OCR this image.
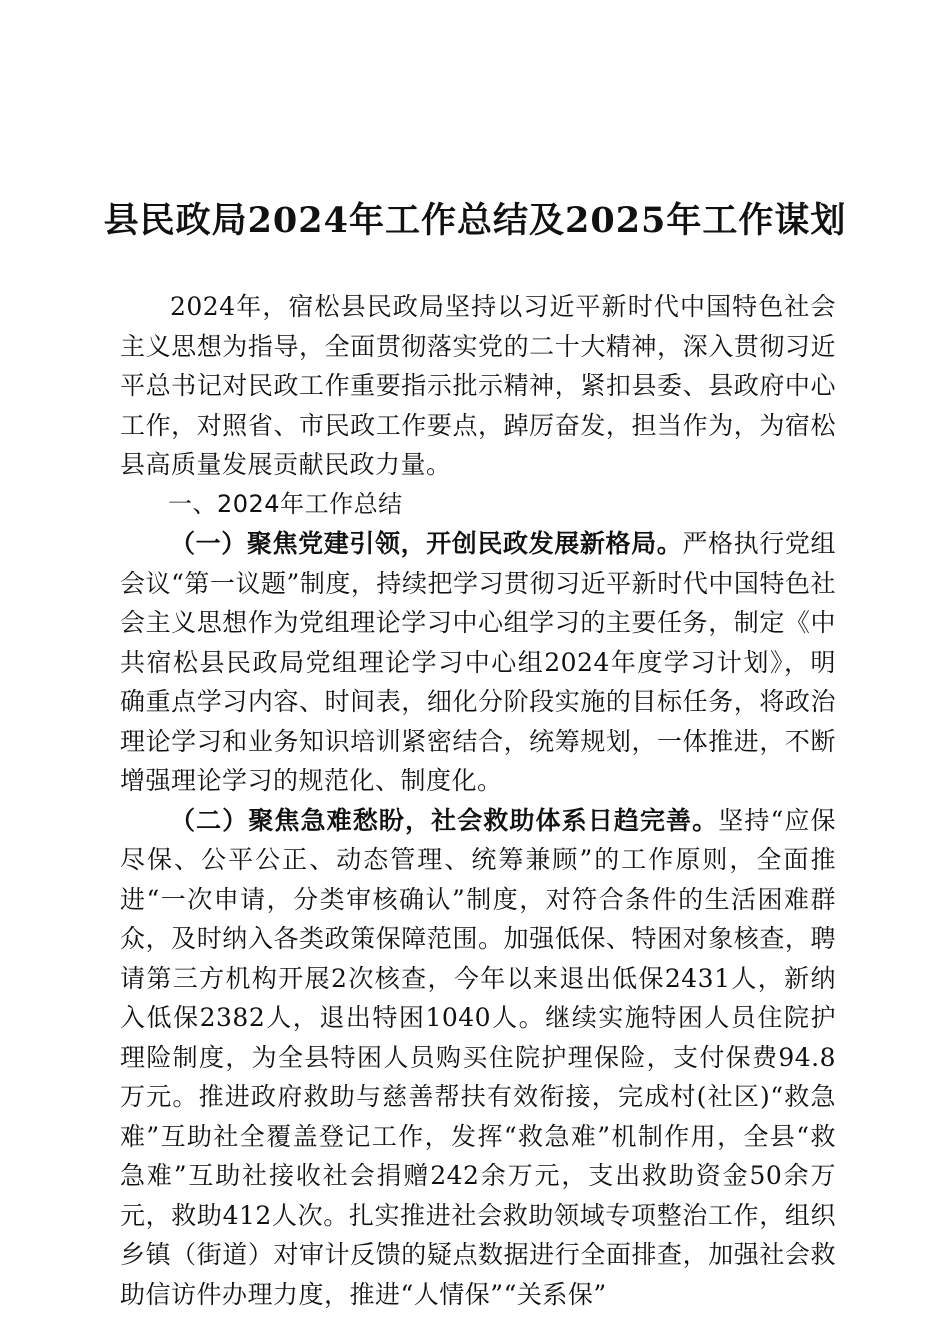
县民政局2024年工作总结及2025年工作谋划

2024年，宿松县民政局坚持以习近平新时代中国特色社会主义思想为指导，全面贯彻落实党的二十大精神，深入贯彻习近平总书记对民政工作重要指示批示精神，紧扣县委、县政府中心工作，对照省、市民政工作要点，踔厉奋发，担当作为，为宿松县高质量发展贡献民政力量。

一、2024年工作总结

（一）聚焦党建引领，开创民政发展新格局。严格执行党组会议“第一议题”制度，持续把学习贯彻习近平新时代中国特色社会主义思想作为党组理论学习中心组学习的主要任务，制定《中共宿松县民政局党组理论学习中心组2024年度学习计划》，明确重点学习内容、时间表，细化分阶段实施的目标任务，将政治理论学习和业务知识培训紧密结合，统筹规划，一体推进，不断增强理论学习的规范化、制度化。

（二）聚焦急难愁盼，社会救助体系日趋完善。坚持“应保尽保、公平公正、动态管理、统筹兼顾”的工作原则，全面推进“一次申请，分类审核确认”制度，对符合条件的生活困难群众，及时纳入各类政策保障范围。加强低保、特困对象核查，聘请第三方机构开展2次核查，今年以来退出低保2431人，新纳入低保2382人，退出特困1040人。继续实施特困人员住院护理险制度，为全县特困人员购买住院护理保险，支付保费94.8万元。推进政府救助与慈善帮扶有效衔接，完成村(社区)“救急难”互助社全覆盖登记工作，发挥“救急难”机制作用，全县“救急难”互助社接收社会捐赠242余万元，支出救助资金50余万元，救助412人次。扎实推进社会救助领域专项整治工作，组织乡镇（街道）对审计反馈的疑点数据进行全面排查，加强社会救助信访件办理力度，推进“人情保”“关系保”
